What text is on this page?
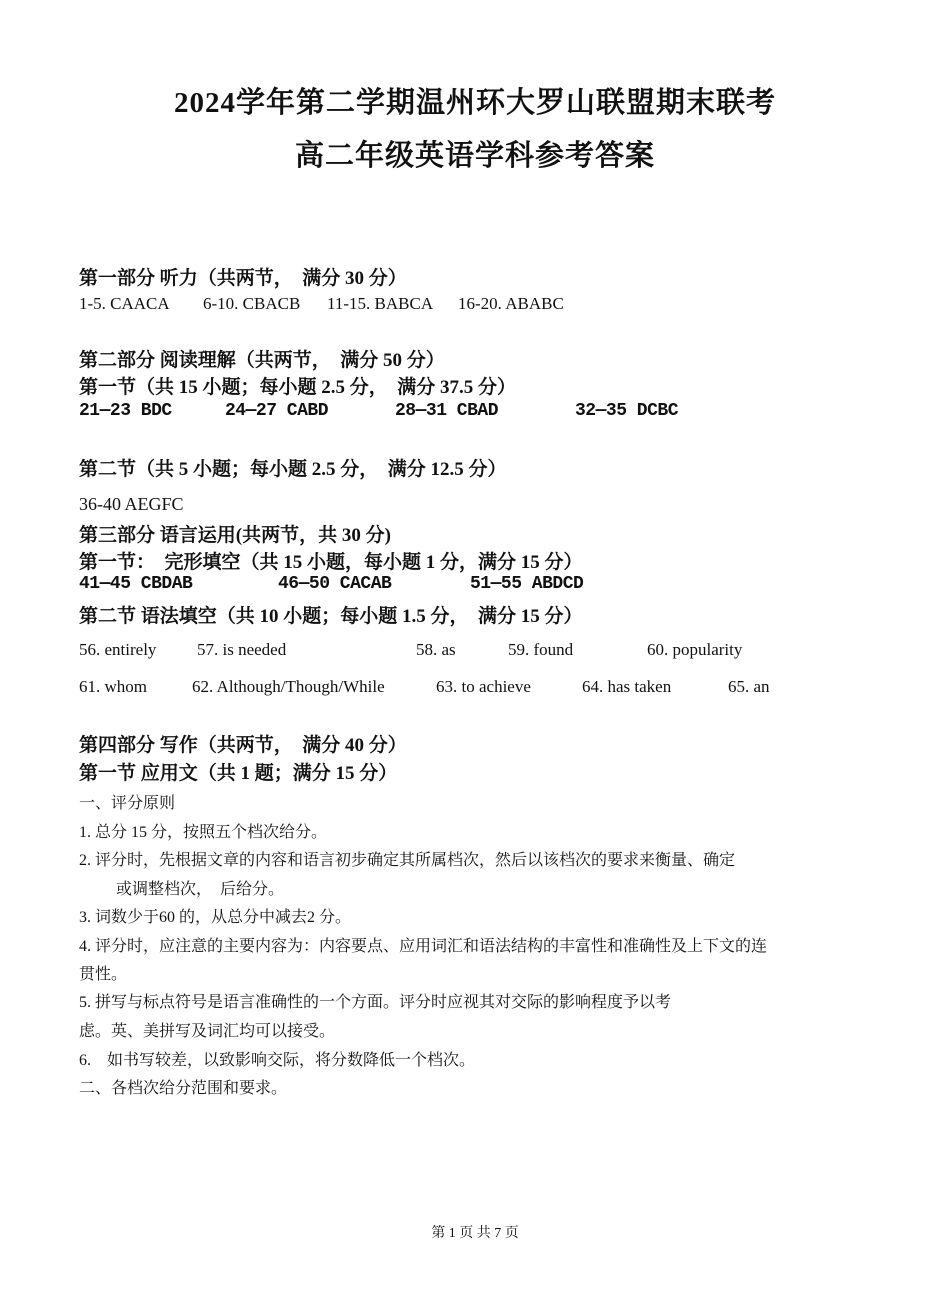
2024学年第二学期温州环大罗山联盟期末联考
高二年级英语学科参考答案
第一部分 听力（共两节，　满分 30 分）
1-5. CAACA 6-10. CBACB 11-15. BABCA 16-20. ABABC
第二部分 阅读理解（共两节，　满分 50 分）
第一节（共 15 小题；每小题 2.5 分，　满分 37.5 分）
21—23 BDC	24—27 CABD	28—31 CBAD	32—35 DCBC
第二节（共 5 小题；每小题 2.5 分，　满分 12.5 分）
36-40 AEGFC
第三部分 语言运用(共两节，共 30 分)
第一节：　完形填空（共 15 小题，每小题 1 分，满分 15 分）
41—45 CBDAB	46—50 CACAB	51—55 ABDCD
第二节 语法填空（共 10 小题；每小题 1.5 分，　满分 15 分）
56. entirely 57. is needed	58. as	59. found	60. popularity
61. whom	62. Although/Though/While	63. to achieve	64. has taken	65. an
第四部分 写作（共两节，　满分 40 分）
第一节 应用文（共 1 题；满分 15 分）
一、评分原则
1. 总分 15 分，按照五个档次给分。
2. 评分时，先根据文章的内容和语言初步确定其所属档次，然后以该档次的要求来衡量、确定
或调整档次，　后给分。
3. 词数少于60 的，从总分中减去2 分。
4. 评分时，应注意的主要内容为：内容要点、应用词汇和语法结构的丰富性和准确性及上下文的连
贯性。
5. 拼写与标点符号是语言准确性的一个方面。评分时应视其对交际的影响程度予以考
虑。英、美拼写及词汇均可以接受。
6.　如书写较差，以致影响交际，将分数降低一个档次。
二、各档次给分范围和要求。
第 1 页 共 7 页
